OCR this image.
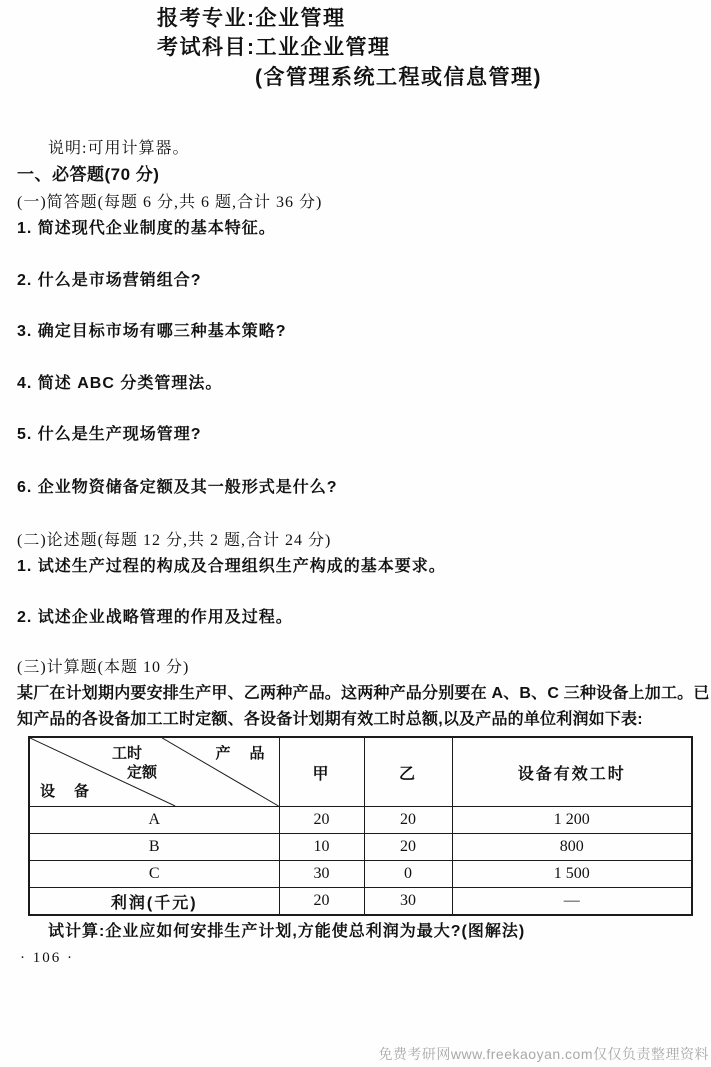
报考专业:企业管理
考试科目:工业企业管理
(含管理系统工程或信息管理)
说明:可用计算器。
一、必答题(70 分)
(一)简答题(每题 6 分,共 6 题,合计 36 分)
1. 简述现代企业制度的基本特征。
2. 什么是市场营销组合?
3. 确定目标市场有哪三种基本策略?
4. 简述 ABC 分类管理法。
5. 什么是生产现场管理?
6. 企业物资储备定额及其一般形式是什么?
(二)论述题(每题 12 分,共 2 题,合计 24 分)
1. 试述生产过程的构成及合理组织生产构成的基本要求。
2. 试述企业战略管理的作用及过程。
(三)计算题(本题 10 分)
某厂在计划期内要安排生产甲、乙两种产品。这两种产品分别要在 A、B、C 三种设备上加工。已
知产品的各设备加工工时定额、各设备计划期有效工时总额,以及产品的单位利润如下表:
产　品
工时
定额
设　备	甲	乙	设备有效工时
A	20	20	1 200
B	10	20	800
C	30	0	1 500
利润(千元)	20	30	—
试计算:企业应如何安排生产计划,方能使总利润为最大?(图解法)
· 106 ·
免费考研网www.freekaoyan.com仅仅负责整理资料
